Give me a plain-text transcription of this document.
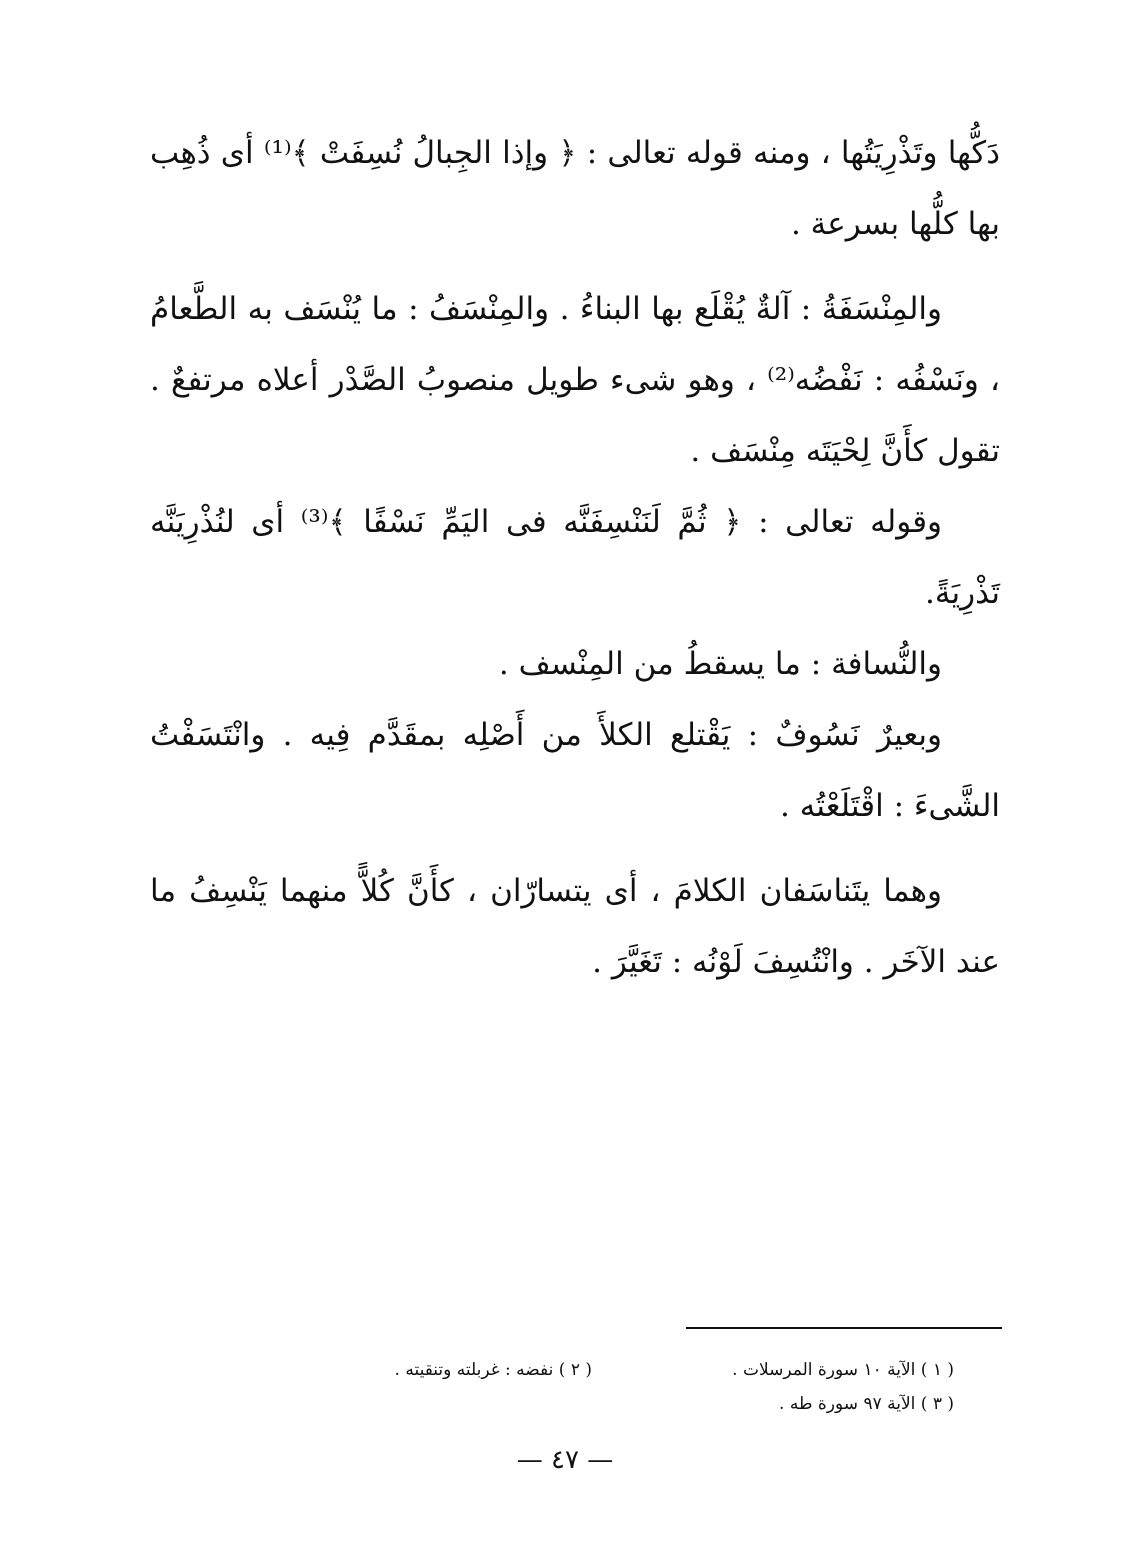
دَكُّها وتَذْرِيَتُها ، ومنه قوله تعالى : ﴿ وإذا الجِبالُ نُسِفَتْ ﴾⁽¹⁾ أى ذُهِب بها كلُّها بسرعة .

والمِنْسَفَةُ : آلةٌ يُقْلَع بها البناءُ . والمِنْسَفُ : ما يُنْسَف به الطَّعامُ ، ونَسْفُه : نَفْضُه⁽²⁾ ، وهو شىء طويل منصوبُ الصَّدْر أعلاه مرتفعٌ . تقول كأَنَّ لِحْيَتَه مِنْسَف .

وقوله تعالى : ﴿ ثُمَّ لَنَنْسِفَنَّه فى اليَمِّ نَسْفًا ﴾⁽³⁾ أى لنُذْرِيَنَّه تَذْرِيَةً.

والنُّسافة : ما يسقطُ من المِنْسف .

وبعيرٌ نَسُوفٌ : يَقْتلع الكلأَ من أَصْلِه بمقَدَّم فِيه . وانْتَسَفْتُ الشَّىءَ : اقْتَلَعْتُه .

وهما يتَناسَفان الكلامَ ، أى يتسارّان ، كأَنَّ كُلاًّ منهما يَنْسِفُ ما عند الآخَر . وانْتُسِفَ لَوْنُه : تَغَيَّرَ .

( ١ ) الآية ١٠ سورة المرسلات .
( ٢ ) نفضه : غربلته وتنقيته .
( ٣ ) الآية ٩٧ سورة طه .
— ٤٧ —
